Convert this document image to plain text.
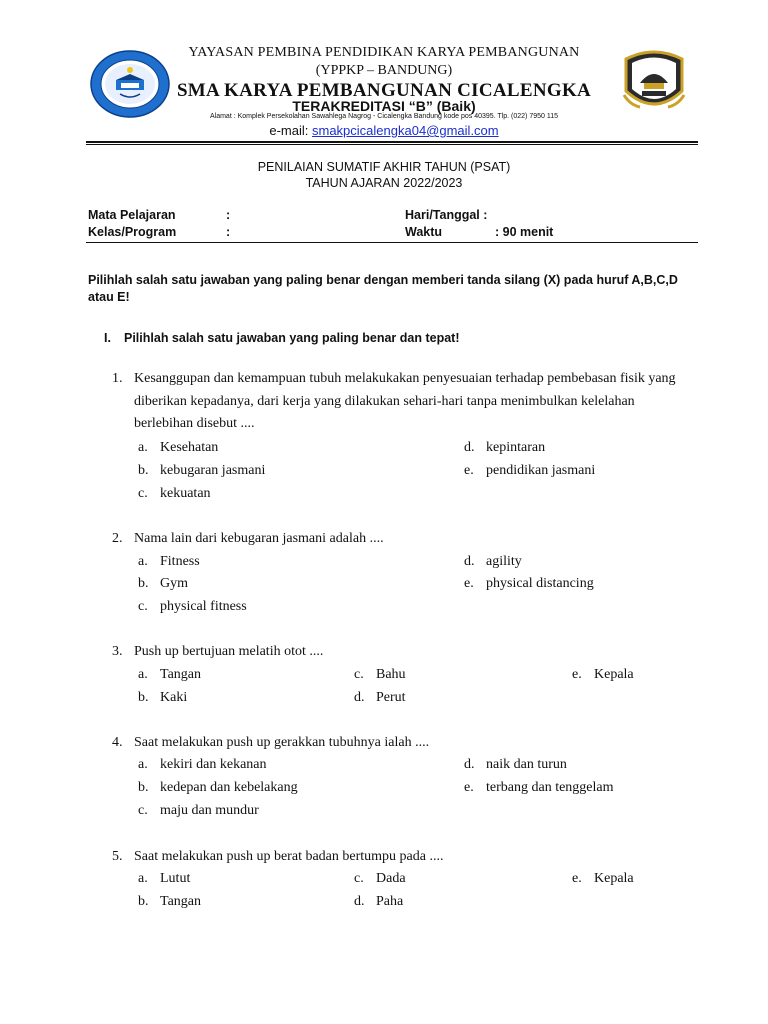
YAYASAN PEMBINA PENDIDIKAN KARYA PEMBANGUNAN
(YPPKP – BANDUNG)
SMA KARYA PEMBANGUNAN CICALENGKA
TERAKREDITASI “B” (Baik)
Alamat : Komplek Persekolahan Sawahlega Nagrog - Cicalengka Bandung kode pos 40395. Tlp. (022) 7950 115
e-mail: smakpcicalengka04@gmail.com
PENILAIAN SUMATIF AKHIR TAHUN (PSAT)
TAHUN AJARAN 2022/2023
Mata Pelajaran	:	Hari/Tanggal :
Kelas/Program	:	Waktu	: 90 menit
Pilihlah salah satu jawaban yang paling benar dengan memberi tanda silang (X) pada huruf A,B,C,D atau E!
I. Pilihlah salah satu jawaban yang paling benar dan tepat!
1. Kesanggupan dan kemampuan tubuh melakukakan penyesuaian terhadap pembebasan fisik yang diberikan kepadanya, dari kerja yang dilakukan sehari-hari tanpa menimbulkan kelelahan berlebihan disebut ....
a. Kesehatan
b. kebugaran jasmani
c. kekuatan
d. kepintaran
e. pendidikan jasmani
2. Nama lain dari kebugaran jasmani adalah ....
a. Fitness
b. Gym
c. physical fitness
d. agility
e. physical distancing
3. Push up bertujuan melatih otot ....
a. Tangan
b. Kaki
c. Bahu
d. Perut
e. Kepala
4. Saat melakukan push up gerakkan tubuhnya ialah ....
a. kekiri dan kekanan
b. kedepan dan kebelakang
c. maju dan mundur
d. naik dan turun
e. terbang dan tenggelam
5. Saat melakukan push up berat badan bertumpu pada ....
a. Lutut
b. Tangan
c. Dada
d. Paha
e. Kepala
